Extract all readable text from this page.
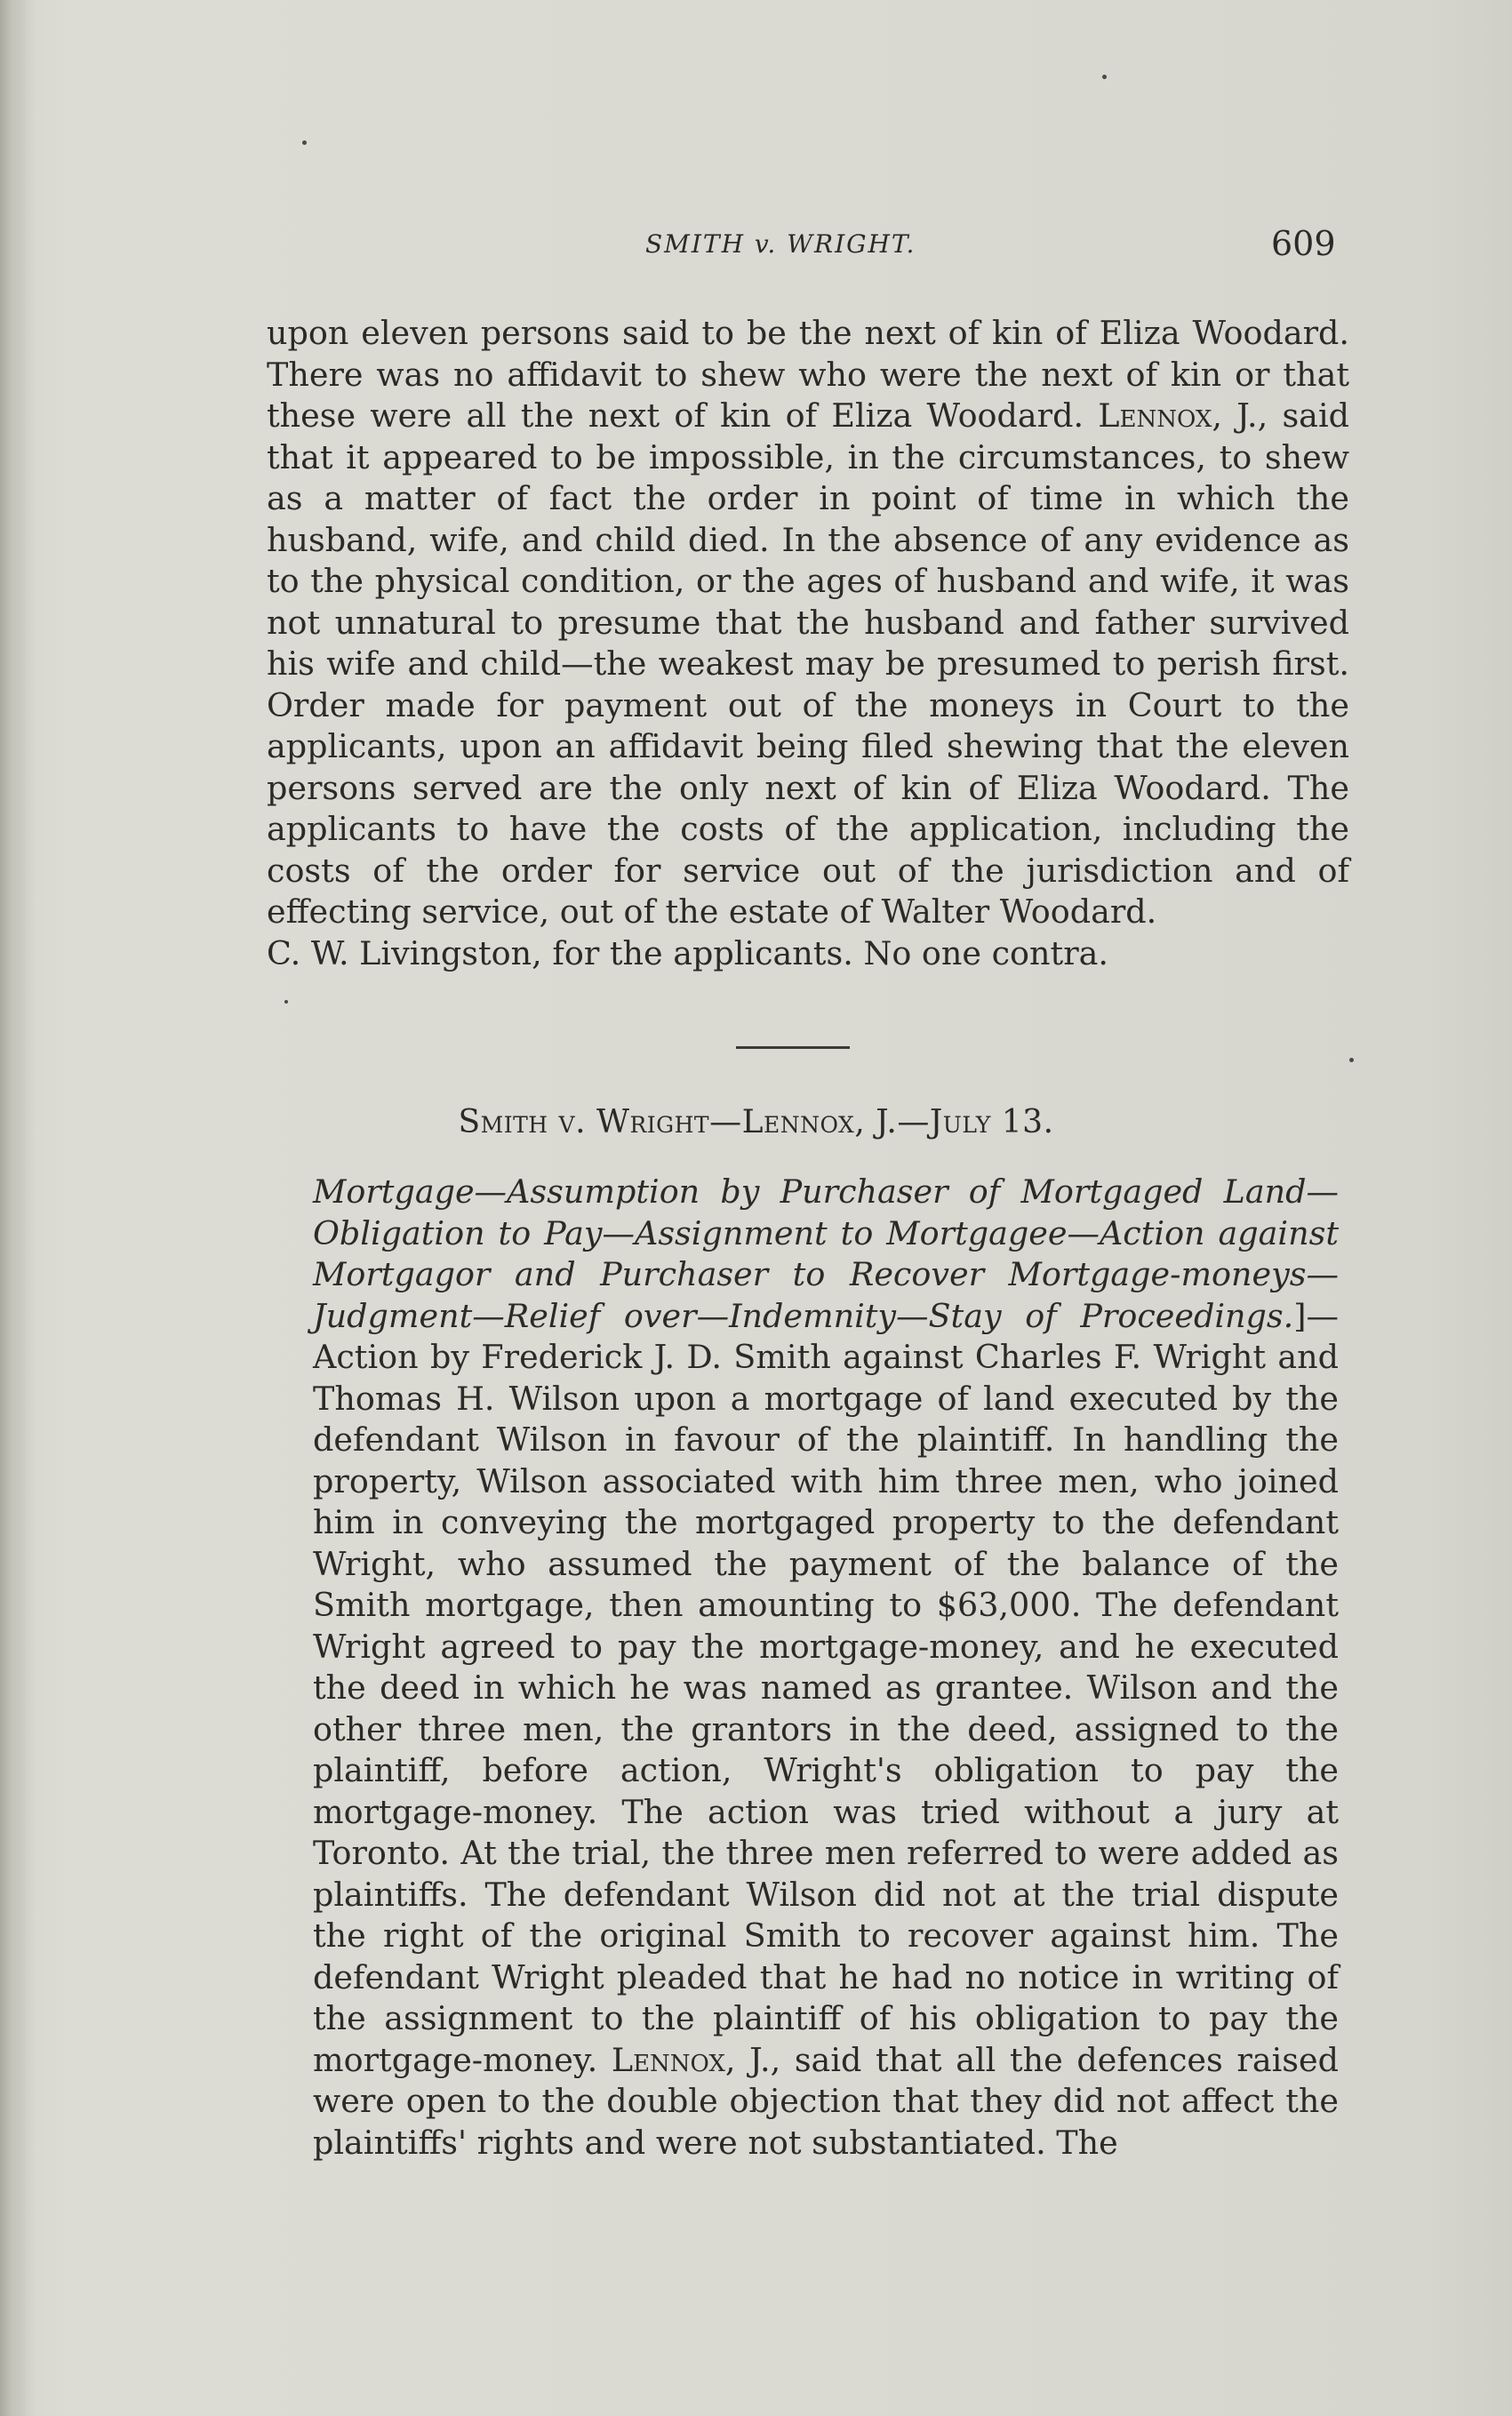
SMITH v. WRIGHT.	609

upon eleven persons said to be the next of kin of Eliza Woodard. There was no affidavit to shew who were the next of kin or that these were all the next of kin of Eliza Woodard. Lennox, J., said that it appeared to be impossible, in the circumstances, to shew as a matter of fact the order in point of time in which the husband, wife, and child died. In the absence of any evidence as to the physical condition, or the ages of husband and wife, it was not unnatural to presume that the husband and father survived his wife and child—the weakest may be presumed to perish first. Order made for payment out of the moneys in Court to the applicants, upon an affidavit being filed shewing that the eleven persons served are the only next of kin of Eliza Woodard. The applicants to have the costs of the application, including the costs of the order for service out of the jurisdiction and of effecting service, out of the estate of Walter Woodard.
C. W. Livingston, for the applicants. No one contra.

Smith v. Wright—Lennox, J.—July 13.

Mortgage—Assumption by Purchaser of Mortgaged Land—Obligation to Pay—Assignment to Mortgagee—Action against Mortgagor and Purchaser to Recover Mortgage-moneys—Judgment—Relief over—Indemnity—Stay of Proceedings.]—Action by Frederick J. D. Smith against Charles F. Wright and Thomas H. Wilson upon a mortgage of land executed by the defendant Wilson in favour of the plaintiff. In handling the property, Wilson associated with him three men, who joined him in conveying the mortgaged property to the defendant Wright, who assumed the payment of the balance of the Smith mortgage, then amounting to $63,000. The defendant Wright agreed to pay the mortgage-money, and he executed the deed in which he was named as grantee. Wilson and the other three men, the grantors in the deed, assigned to the plaintiff, before action, Wright's obligation to pay the mortgage-money. The action was tried without a jury at Toronto. At the trial, the three men referred to were added as plaintiffs. The defendant Wilson did not at the trial dispute the right of the original Smith to recover against him. The defendant Wright pleaded that he had no notice in writing of the assignment to the plaintiff of his obligation to pay the mortgage-money. Lennox, J., said that all the defences raised were open to the double objection that they did not affect the plaintiffs' rights and were not substantiated. The
